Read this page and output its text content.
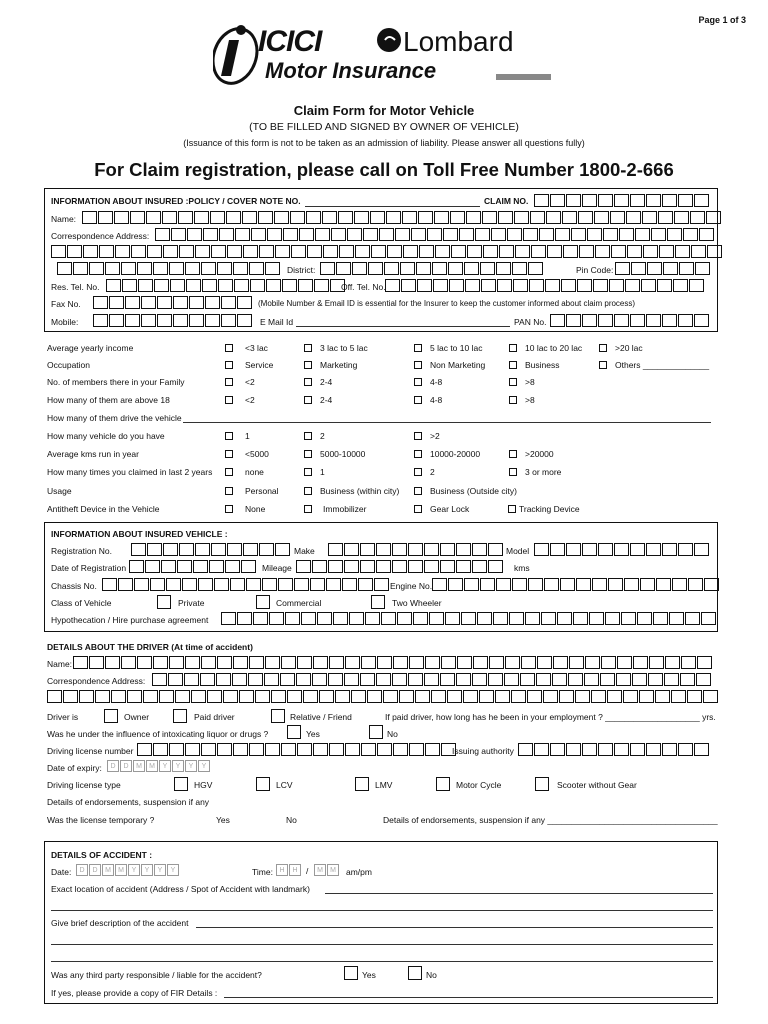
Page 1 of 3
ICICI	Lombard
Motor Insurance
Claim Form for Motor Vehicle
(TO BE FILLED AND SIGNED BY OWNER OF VEHICLE)
(Issuance of this form is not to be taken as an admission of liability. Please answer all questions fully)
For Claim registration, please call on Toll Free Number 1800-2-666
INFORMATION ABOUT INSURED :POLICY / COVER NOTE NO.	CLAIM NO.
Name:
Correspondence Address:
District:	Pin Code:
Res. Tel. No.	Off. Tel. No.
Fax No.	(Mobile Number & Email ID is essential for the Insurer to keep the customer informed about claim process)
Mobile:	E Mail Id	PAN No.
Average yearly income	<3 lac	3 lac to 5 lac	5 lac to 10 lac	10 lac to 20 lac	>20 lac
Occupation	Service	Marketing	Non Marketing	Business	Others ______________
No. of members there in your Family	<2	2-4	4-8	>8
How many of them are above 18	<2	2-4	4-8	>8
How many of them drive the vehicle
How many vehicle do you have	1	2	>2
Average kms run in year	<5000	5000-10000	10000-20000	>20000
How many times you claimed in last 2 years	none	1	2	3 or more
Usage	Personal	Business (within city)	Business (Outside city)
Antitheft Device in the Vehicle	None	Immobilizer	Gear Lock	Tracking Device
INFORMATION ABOUT INSURED VEHICLE :
Registration No.	Make	Model
Date of Registration	Mileage	kms
Chassis No.	Engine No.
Class of Vehicle	Private	Commercial	Two Wheeler
Hypothecation / Hire purchase agreement
DETAILS ABOUT THE DRIVER (At time of accident)
Name:
Correspondence Address:
Driver is	Owner	Paid driver	Relative / Friend	If paid driver, how long has he been in your employment ? ____________________ yrs.
Was he under the influence of intoxicating liquor or drugs ?	Yes	No
Driving license number	Issuing authority
Date of expiry:	D	D	M	M	Y	Y	Y	Y
Driving license type	HGV	LCV	LMV	Motor Cycle	Scooter without Gear
Details of endorsements, suspension if any
Was the license temporary ?	Yes	No	Details of endorsements, suspension if any ____________________________________
DETAILS OF ACCIDENT :
Date:	D	D	M	M	Y	Y	Y	Y	Time: H	H /	M	M	am/pm
Exact location of accident (Address / Spot of Accident with landmark)
Give brief description of the accident
Was any third party responsible / liable for the accident?	Yes	No
If yes, please provide a copy of FIR Details :
